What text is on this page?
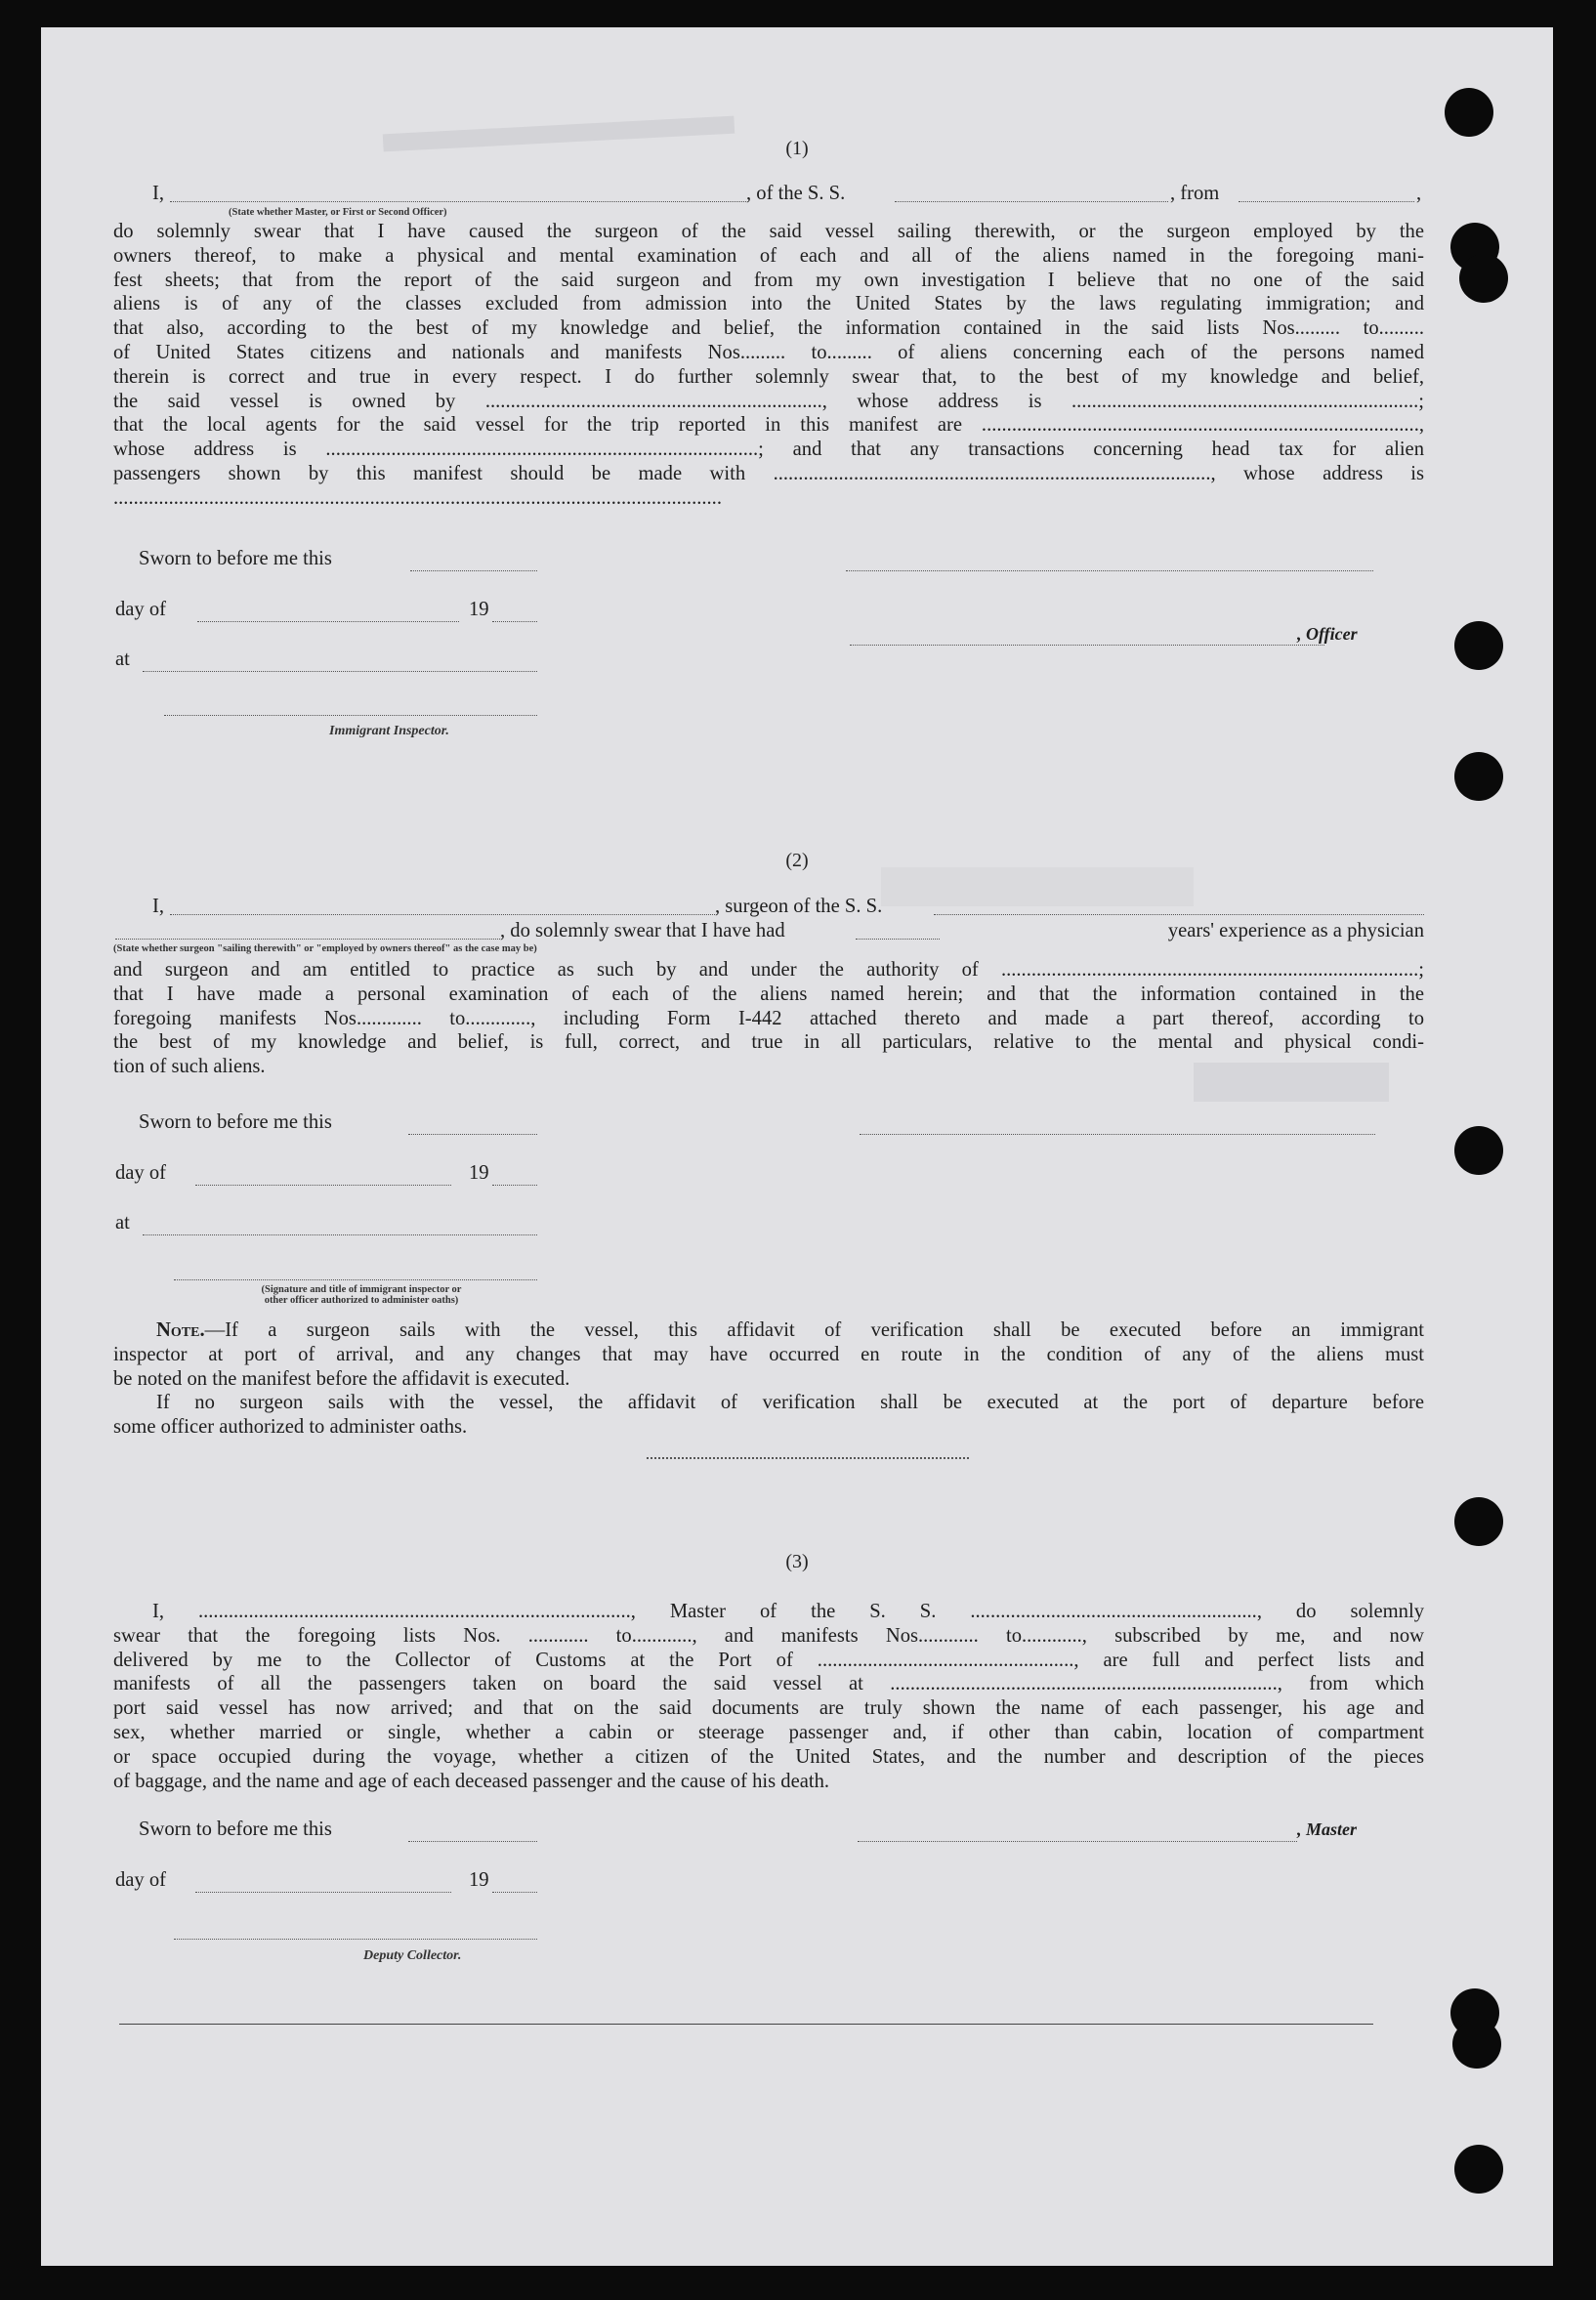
(1)
I,	, of the S. S.	, from	,
(State whether Master, or First or Second Officer)

do solemnly swear that I have caused the surgeon of the said vessel sailing therewith, or the surgeon employed by the

owners thereof, to make a physical and mental examination of each and all of the aliens named in the foregoing mani-

fest sheets; that from the report of the said surgeon and from my own investigation I believe that no one of the said

aliens is of any of the classes excluded from admission into the United States by the laws regulating immigration; and

that also, according to the best of my knowledge and belief, the information contained in the said lists Nos......... to.........

of United States citizens and nationals and manifests Nos......... to......... of aliens concerning each of the persons named

therein is correct and true in every respect. I do further solemnly swear that, to the best of my knowledge and belief,

the said vessel is owned by ..................................................................., whose address is .....................................................................;

that the local agents for the said vessel for the trip reported in this manifest are .......................................................................................,

whose address is ......................................................................................; and that any transactions concerning head tax for alien

passengers shown by this manifest should be made with ......................................................................................., whose address is

.........................................................................................................................

Sworn to before me this
day of	19
, Officer
at
Immigrant Inspector.
(2)
I,	, surgeon of the S. S.
, do solemnly swear that I have had	years' experience as a physician
(State whether surgeon "sailing therewith" or "employed by owners thereof" as the case may be)

and surgeon and am entitled to practice as such by and under the authority of ...................................................................................;

that I have made a personal examination of each of the aliens named herein; and that the information contained in the

foregoing manifests Nos............. to............., including Form I-442 attached thereto and made a part thereof, according to

the best of my knowledge and belief, is full, correct, and true in all particulars, relative to the mental and physical condi-

tion of such aliens.

Sworn to before me this
day of	19
at
(Signature and title of immigrant inspector or
other officer authorized to administer oaths)

Note.—If a surgeon sails with the vessel, this affidavit of verification shall be executed before an immigrant

inspector at port of arrival, and any changes that may have occurred en route in the condition of any of the aliens must

be noted on the manifest before the affidavit is executed.

If no surgeon sails with the vessel, the affidavit of verification shall be executed at the port of departure before

some officer authorized to administer oaths.

(3)

I, ......................................................................................, Master of the S. S. ........................................................., do solemnly

swear that the foregoing lists Nos. ............ to............, and manifests Nos............ to............, subscribed by me, and now

delivered by me to the Collector of Customs at the Port of ..................................................., are full and perfect lists and

manifests of all the passengers taken on board the said vessel at ............................................................................., from which

port said vessel has now arrived; and that on the said documents are truly shown the name of each passenger, his age and

sex, whether married or single, whether a cabin or steerage passenger and, if other than cabin, location of compartment

or space occupied during the voyage, whether a citizen of the United States, and the number and description of the pieces

of baggage, and the name and age of each deceased passenger and the cause of his death.

Sworn to before me this	, Master
day of	19
Deputy Collector.
